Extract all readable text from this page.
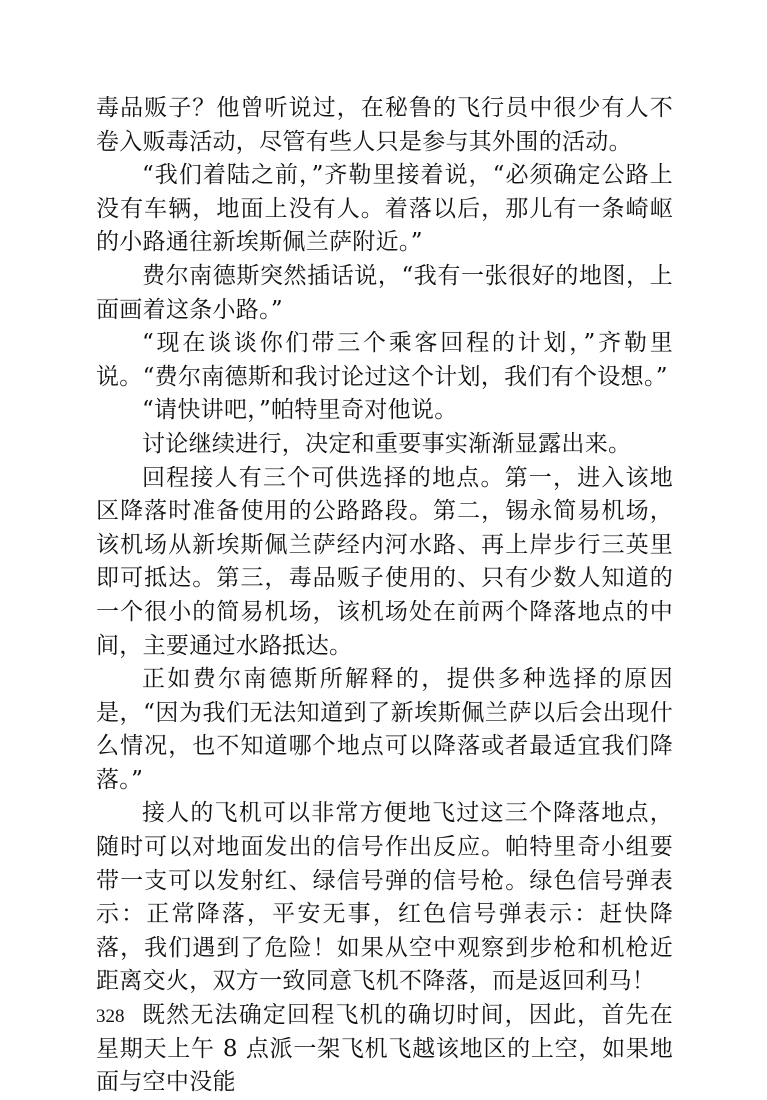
毒品贩子？他曾听说过，在秘鲁的飞行员中很少有人不卷入贩毒活动，尽管有些人只是参与其外围的活动。

“我们着陆之前，”齐勒里接着说，“必须确定公路上没有车辆，地面上没有人。着落以后，那儿有一条崎岖的小路通往新埃斯佩兰萨附近。”

费尔南德斯突然插话说，“我有一张很好的地图，上面画着这条小路。”

“现在谈谈你们带三个乘客回程的计划，”齐勒里说。“费尔南德斯和我讨论过这个计划，我们有个设想。”

“请快讲吧，”帕特里奇对他说。

讨论继续进行，决定和重要事实渐渐显露出来。

回程接人有三个可供选择的地点。第一，进入该地区降落时准备使用的公路路段。第二，锡永简易机场，该机场从新埃斯佩兰萨经内河水路、再上岸步行三英里即可抵达。第三，毒品贩子使用的、只有少数人知道的一个很小的简易机场，该机场处在前两个降落地点的中间，主要通过水路抵达。

正如费尔南德斯所解释的，提供多种选择的原因是，“因为我们无法知道到了新埃斯佩兰萨以后会出现什么情况，也不知道哪个地点可以降落或者最适宜我们降落。”

接人的飞机可以非常方便地飞过这三个降落地点，随时可以对地面发出的信号作出反应。帕特里奇小组要带一支可以发射红、绿信号弹的信号枪。绿色信号弹表示：正常降落，平安无事，红色信号弹表示：赶快降落，我们遇到了危险！如果从空中观察到步枪和机枪近距离交火，双方一致同意飞机不降落，而是返回利马！

既然无法确定回程飞机的确切时间，因此，首先在星期天上午 8 点派一架飞机飞越该地区的上空，如果地面与空中没能

328
